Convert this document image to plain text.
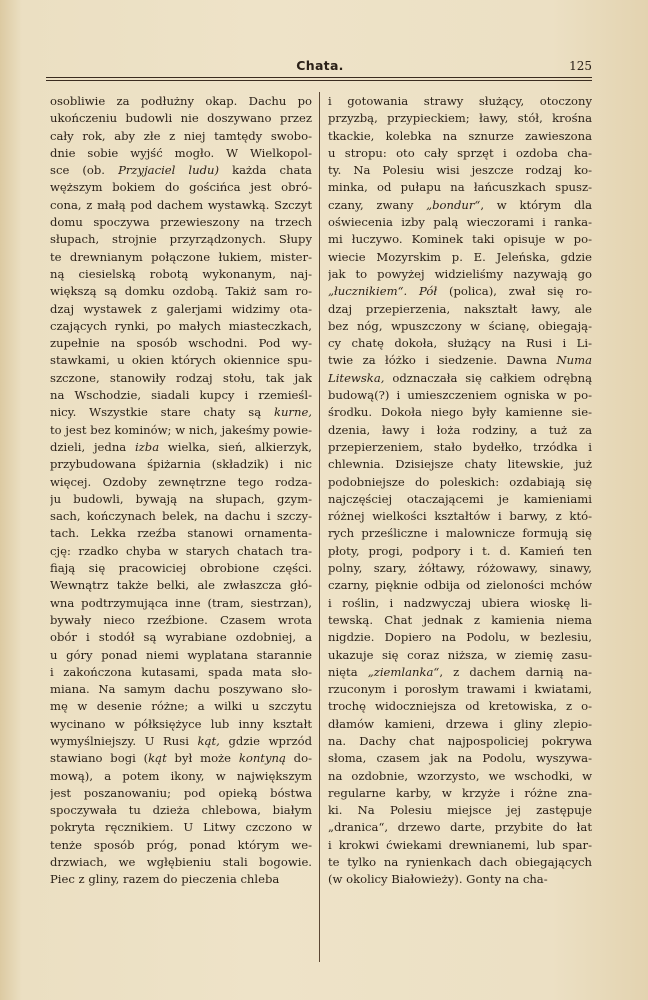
Chata.	125
osobliwie za podłużny okap. Dachu po
ukończeniu budowli nie doszywano przez
cały rok, aby złe z niej tamtędy swobo-
dnie sobie wyjść mogło. W Wielkopol-
sce (ob. Przyjaciel ludu) każda chata
węższym bokiem do gościńca jest obró-
cona, z małą pod dachem wystawką. Szczyt
domu spoczywa przewieszony na trzech
słupach, strojnie przyrządzonych. Słupy
te drewnianym połączone łukiem, mister-
ną ciesielską robotą wykonanym, naj-
większą są domku ozdobą. Takiż sam ro-
dzaj wystawek z galerjami widzimy ota-
czających rynki, po małych miasteczkach,
zupełnie na sposób wschodni. Pod wy-
stawkami, u okien których okiennice spu-
szczone, stanowiły rodzaj stołu, tak jak
na Wschodzie, siadali kupcy i rzemieśl-
nicy. Wszystkie stare chaty są kurne,
to jest bez kominów; w nich, jakeśmy powie-
dzieli, jedna izba wielka, sień, alkierzyk,
przybudowana śpiżarnia (składzik) i nic
więcej. Ozdoby zewnętrzne tego rodza-
ju budowli, bywają na słupach, gzym-
sach, kończynach belek, na dachu i szczy-
tach. Lekka rzeźba stanowi ornamenta-
cję: rzadko chyba w starych chatach tra-
fiają się pracowiciej obrobione części.
Wewnątrz także belki, ale zwłaszcza głó-
wna podtrzymująca inne (tram, siestrzan),
bywały nieco rzeźbione. Czasem wrota
obór i stodół są wyrabiane ozdobniej, a
u góry ponad niemi wyplatana starannie
i zakończona kutasami, spada mata sło-
miana. Na samym dachu poszywano sło-
mę w desenie różne; a wilki u szczytu
wycinano w półksiężyce lub inny kształt
wymyślniejszy. U Rusi kąt, gdzie wprzód
stawiano bogi (kąt był może kontyną do-
mową), a potem ikony, w największym
jest poszanowaniu; pod opieką bóstwa
spoczywała tu dzieża chlebowa, białym
pokryta ręcznikiem. U Litwy czczono w
tenże sposób próg, ponad którym we-
drzwiach, we wgłębieniu stali bogowie.
Piec z gliny, razem do pieczenia chleba
i gotowania strawy służący, otoczony
przyzbą, przypieckiem; ławy, stół, krośna
tkackie, kolebka na sznurze zawieszona
u stropu: oto cały sprzęt i ozdoba cha-
ty. Na Polesiu wisi jeszcze rodzaj ko-
minka, od pułapu na łańcuszkach spusz-
czany, zwany „bondur“, w którym dla
oświecenia izby palą wieczorami i ranka-
mi łuczywo. Kominek taki opisuje w po-
wiecie Mozyrskim p. E. Jeleńska, gdzie
jak to powyżej widzieliśmy nazywają go
„łucznikiem“. Pół (polica), zwał się ro-
dzaj przepierzenia, nakształt ławy, ale
bez nóg, wpuszczony w ścianę, obiegają-
cy chatę dokoła, służący na Rusi i Li-
twie za łóżko i siedzenie. Dawna Numa
Litewska, odznaczała się całkiem odrębną
budową(?) i umieszczeniem ogniska w po-
środku. Dokoła niego były kamienne sie-
dzenia, ławy i łoża rodziny, a tuż za
przepierzeniem, stało bydełko, trzódka i
chlewnia. Dzisiejsze chaty litewskie, już
podobniejsze do poleskich: ozdabiają się
najczęściej otaczającemi je kamieniami
różnej wielkości kształtów i barwy, z któ-
rych prześliczne i malownicze formują się
płoty, progi, podpory i t. d. Kamień ten
polny, szary, żółtawy, różowawy, sinawy,
czarny, pięknie odbija od zieloności mchów
i roślin, i nadzwyczaj ubiera wioskę li-
tewską. Chat jednak z kamienia niema
nigdzie. Dopiero na Podolu, w bezlesiu,
ukazuje się coraz niższa, w ziemię zasu-
nięta „ziemlanka“, z dachem darnią na-
rzuconym i porosłym trawami i kwiatami,
trochę widoczniejsza od kretowiska, z o-
dłamów kamieni, drzewa i gliny zlepio-
na. Dachy chat najpospoliciej pokrywa
słoma, czasem jak na Podolu, wyszywa-
na ozdobnie, wzorzysto, we wschodki, w
regularne karby, w krzyże i różne zna-
ki. Na Polesiu miejsce jej zastępuje
„dranica“, drzewo darte, przybite do łat
i krokwi ćwiekami drewnianemi, lub spar-
te tylko na rynienkach dach obiegających
(w okolicy Białowieży). Gonty na cha-
